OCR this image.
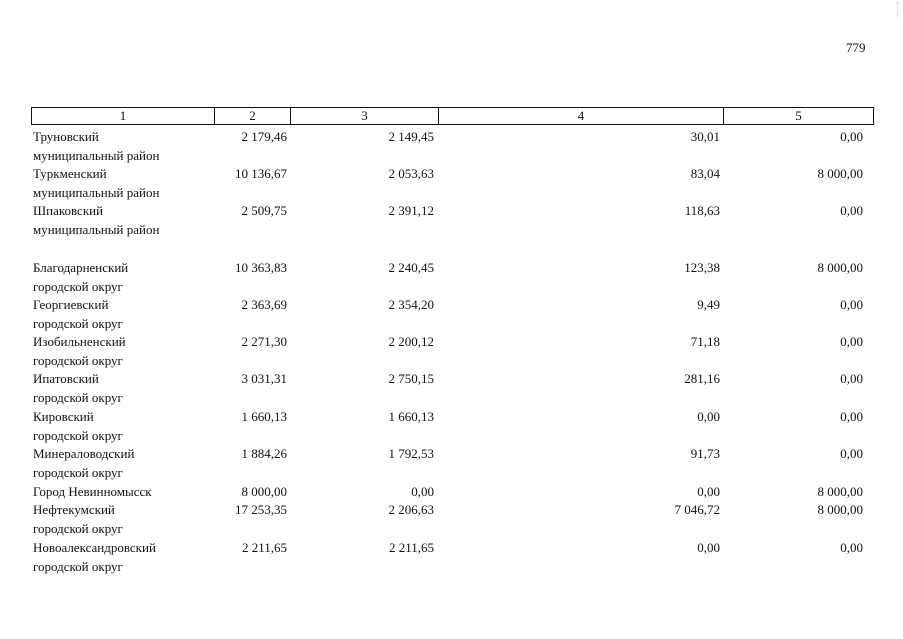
779
1	2	3	4	5
Труновский
муниципальный район
2 179,46	2 149,45	30,01	0,00
Туркменский
муниципальный район
10 136,67	2 053,63	83,04	8 000,00
Шпаковский
муниципальный район
2 509,75	2 391,12	118,63	0,00
Благодарненский
городской округ
10 363,83	2 240,45	123,38	8 000,00
Георгиевский
городской округ
2 363,69	2 354,20	9,49	0,00
Изобильненский
городской округ
2 271,30	2 200,12	71,18	0,00
Ипатовский
городской округ
3 031,31	2 750,15	281,16	0,00
Кировский
городской округ
1 660,13	1 660,13	0,00	0,00
Минераловодский
городской округ
1 884,26	1 792,53	91,73	0,00
Город Невинномысск	8 000,00	0,00	0,00	8 000,00
Нефтекумский
городской округ
17 253,35	2 206,63	7 046,72	8 000,00
Новоалександровский
городской округ
2 211,65	2 211,65	0,00	0,00
